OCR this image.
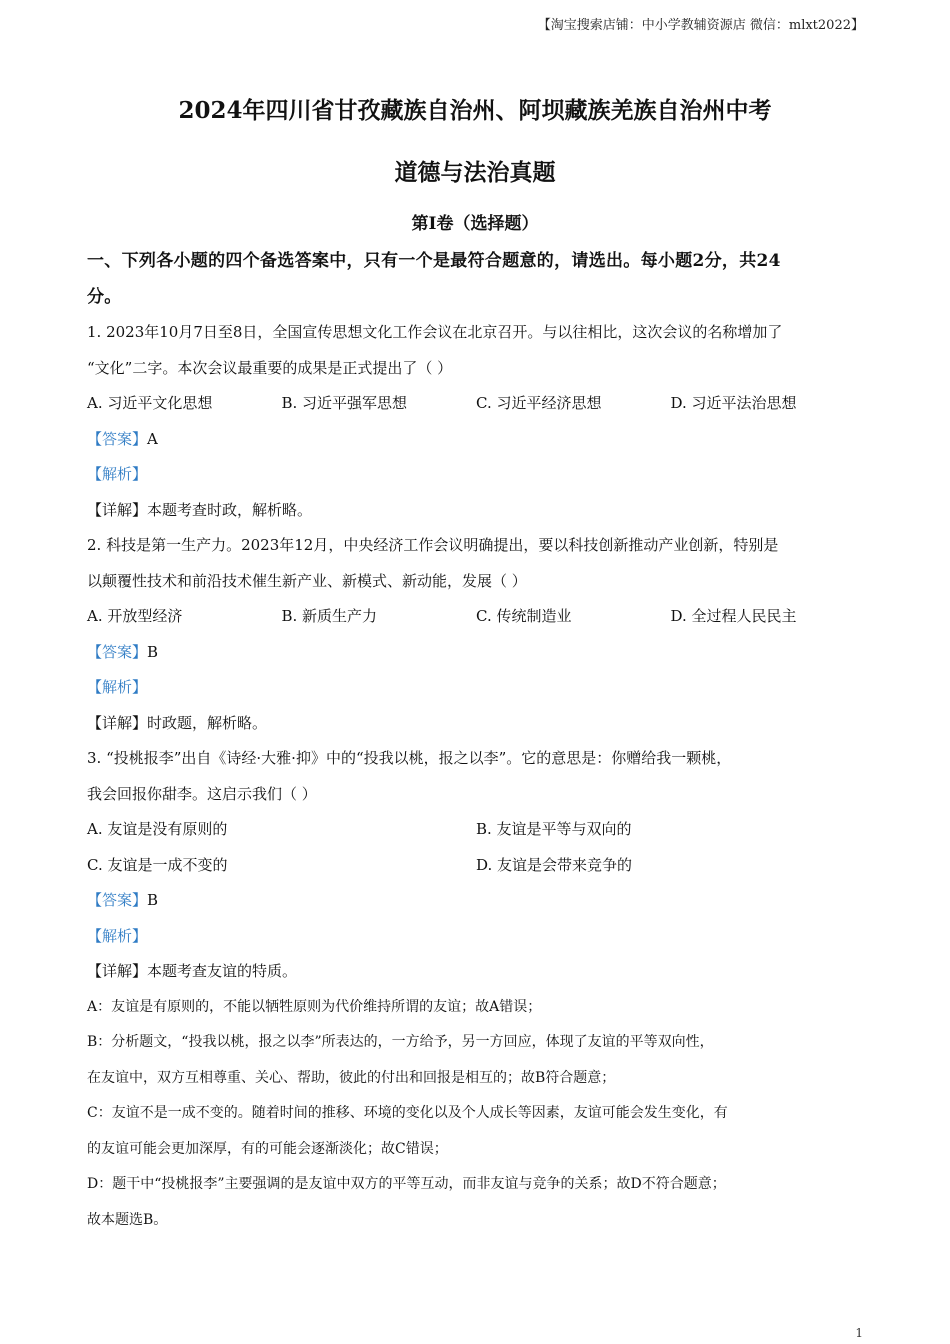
【淘宝搜索店铺：中小学教辅资源店 微信：mlxt2022】
2024年四川省甘孜藏族自治州、阿坝藏族羌族自治州中考
道德与法治真题
第Ⅰ卷（选择题）
一、下列各小题的四个备选答案中，只有一个是最符合题意的，请选出。每小题2分，共24
分。
1. 2023年10月7日至8日，全国宣传思想文化工作会议在北京召开。与以往相比，这次会议的名称增加了
“文化”二字。本次会议最重要的成果是正式提出了（ ）
A. 习近平文化思想	B. 习近平强军思想	C. 习近平经济思想	D. 习近平法治思想
【答案】A
【解析】
【详解】本题考查时政，解析略。
2. 科技是第一生产力。2023年12月，中央经济工作会议明确提出，要以科技创新推动产业创新，特别是
以颠覆性技术和前沿技术催生新产业、新模式、新动能，发展（ ）
A. 开放型经济	B. 新质生产力	C. 传统制造业	D. 全过程人民民主
【答案】B
【解析】
【详解】时政题，解析略。
3. “投桃报李”出自《诗经·大雅·抑》中的“投我以桃，报之以李”。它的意思是：你赠给我一颗桃，
我会回报你甜李。这启示我们（ ）
A. 友谊是没有原则的	B. 友谊是平等与双向的
C. 友谊是一成不变的	D. 友谊是会带来竞争的
【答案】B
【解析】
【详解】本题考查友谊的特质。
A：友谊是有原则的，不能以牺牲原则为代价维持所谓的友谊；故A错误；
B：分析题文，“投我以桃，报之以李”所表达的，一方给予，另一方回应，体现了友谊的平等双向性，
在友谊中，双方互相尊重、关心、帮助，彼此的付出和回报是相互的；故B符合题意；
C：友谊不是一成不变的。随着时间的推移、环境的变化以及个人成长等因素，友谊可能会发生变化，有
的友谊可能会更加深厚，有的可能会逐渐淡化；故C错误；
D：题干中“投桃报李”主要强调的是友谊中双方的平等互动，而非友谊与竞争的关系；故D不符合题意；
故本题选B。
1
